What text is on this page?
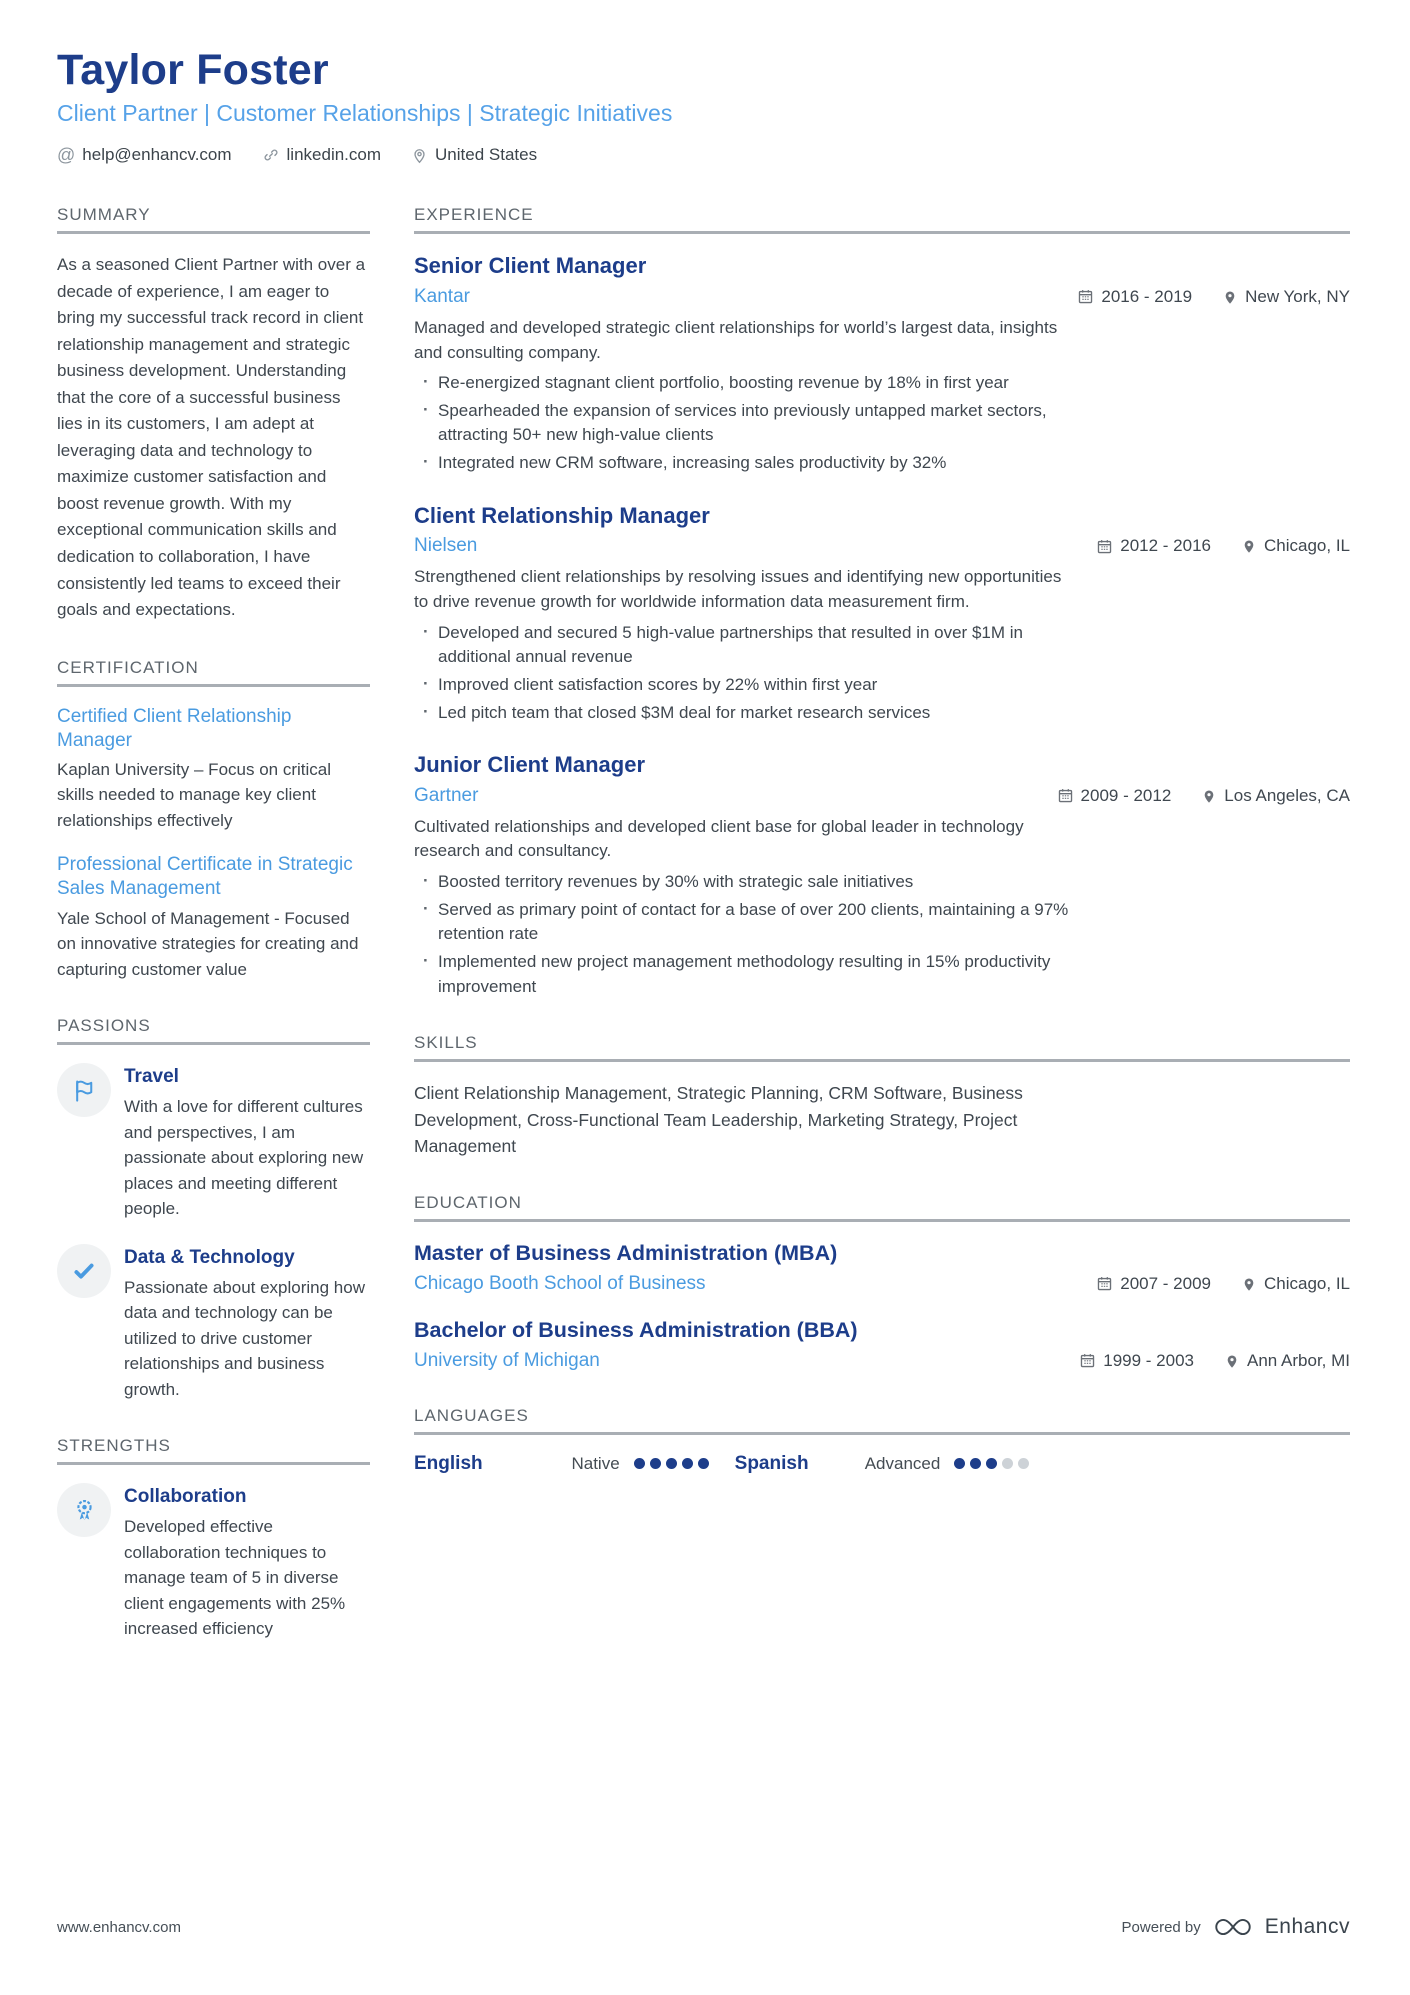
Taylor Foster
Client Partner | Customer Relationships | Strategic Initiatives
@ help@enhancv.com	linkedin.com	United States
SUMMARY

As a seasoned Client Partner with over a decade of experience, I am eager to bring my successful track record in client relationship management and strategic business development. Understanding that the core of a successful business lies in its customers, I am adept at leveraging data and technology to maximize customer satisfaction and boost revenue growth. With my exceptional communication skills and dedication to collaboration, I have consistently led teams to exceed their goals and expectations.

CERTIFICATION
Certified Client Relationship Manager
Kaplan University – Focus on critical skills needed to manage key client relationships effectively
Professional Certificate in Strategic Sales Management
Yale School of Management - Focused on innovative strategies for creating and capturing customer value
PASSIONS
Travel
With a love for different cultures and perspectives, I am passionate about exploring new places and meeting different people.
Data & Technology
Passionate about exploring how data and technology can be utilized to drive customer relationships and business growth.
STRENGTHS
Collaboration
Developed effective collaboration techniques to manage team of 5 in diverse client engagements with 25% increased efficiency
EXPERIENCE
Senior Client Manager
Kantar	2016 - 2019	New York, NY

Managed and developed strategic client relationships for world’s largest data, insights and consulting company.

· Re-energized stagnant client portfolio, boosting revenue by 18% in first year
· Spearheaded the expansion of services into previously untapped market sectors, attracting 50+ new high-value clients
· Integrated new CRM software, increasing sales productivity by 32%
Client Relationship Manager
Nielsen	2012 - 2016	Chicago, IL

Strengthened client relationships by resolving issues and identifying new opportunities to drive revenue growth for worldwide information data measurement firm.

· Developed and secured 5 high-value partnerships that resulted in over $1M in additional annual revenue
· Improved client satisfaction scores by 22% within first year
· Led pitch team that closed $3M deal for market research services
Junior Client Manager
Gartner	2009 - 2012	Los Angeles, CA

Cultivated relationships and developed client base for global leader in technology research and consultancy.

· Boosted territory revenues by 30% with strategic sale initiatives
· Served as primary point of contact for a base of over 200 clients, maintaining a 97% retention rate
· Implemented new project management methodology resulting in 15% productivity improvement
SKILLS

Client Relationship Management, Strategic Planning, CRM Software, Business Development, Cross-Functional Team Leadership, Marketing Strategy, Project Management

EDUCATION
Master of Business Administration (MBA)
Chicago Booth School of Business	2007 - 2009	Chicago, IL
Bachelor of Business Administration (BBA)
University of Michigan	1999 - 2003	Ann Arbor, MI
LANGUAGES
English	Native	Spanish	Advanced
www.enhancv.com	Powered by	Enhancv
